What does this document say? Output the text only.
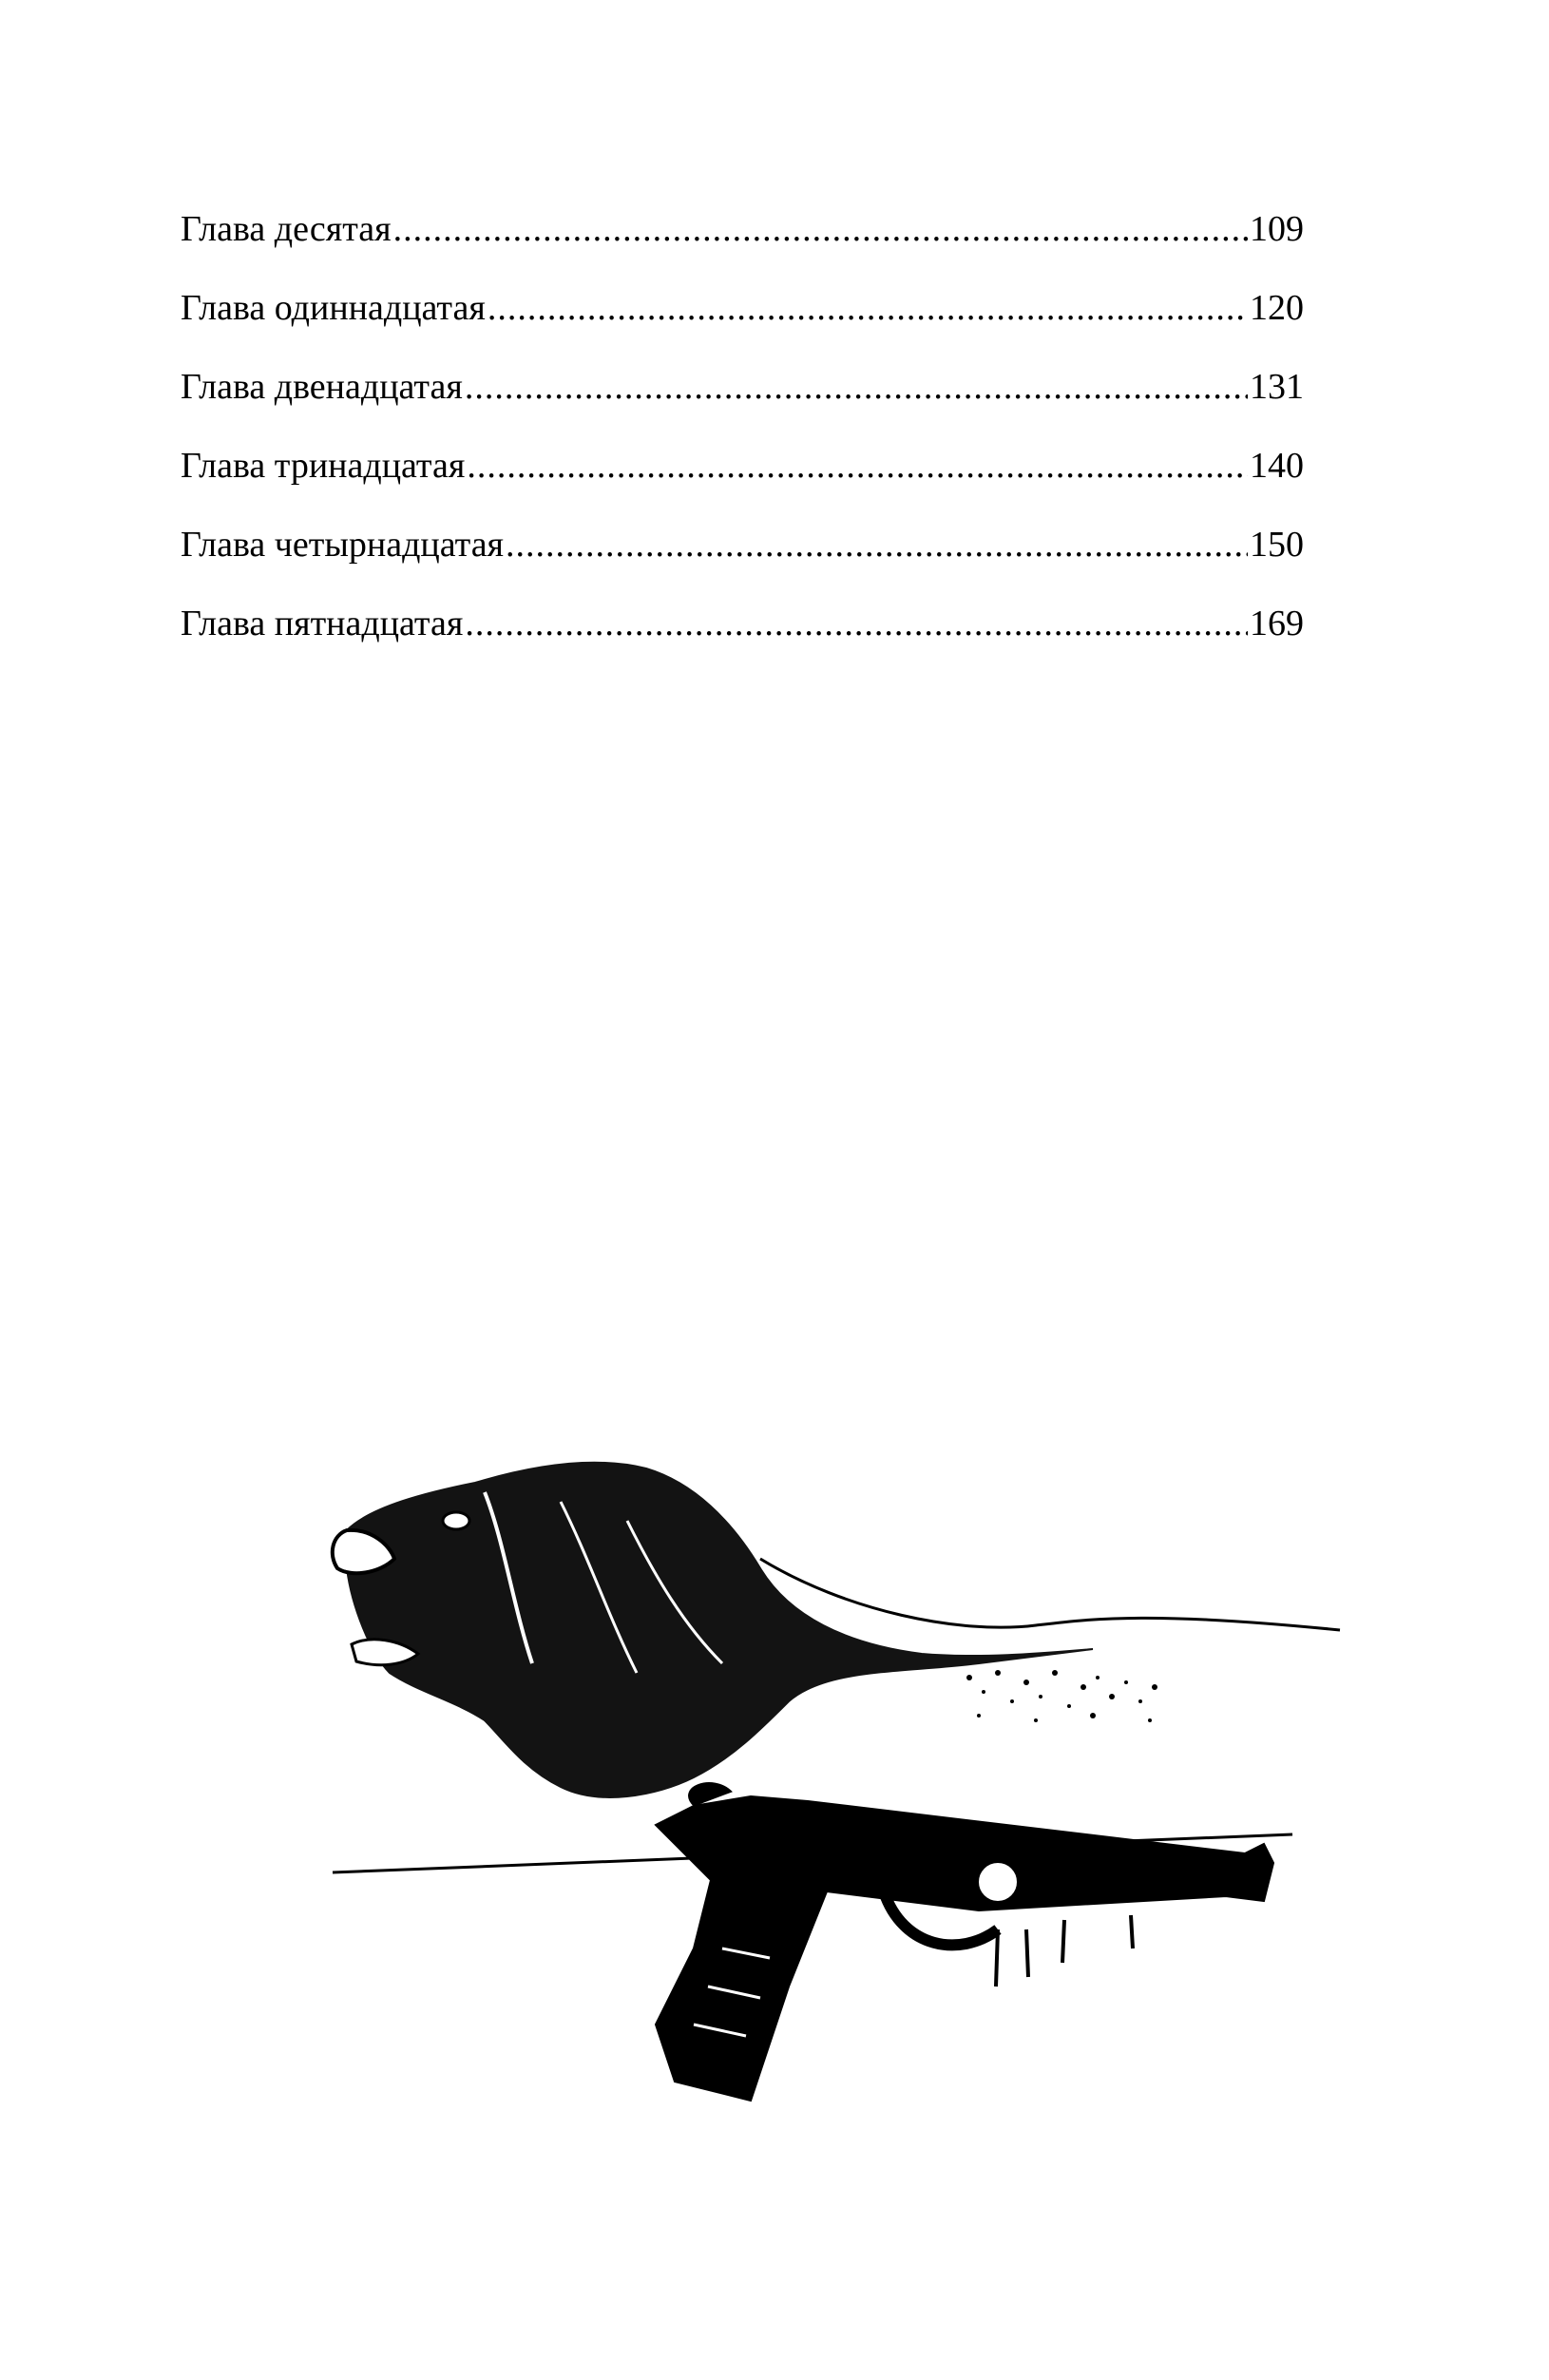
Глава десятая .....	109
Глава одиннадцатая .....	120
Глава двенадцатая .....	131
Глава тринадцатая .....	140
Глава четырнадцатая .....	150
Глава пятнадцатая .....	169
